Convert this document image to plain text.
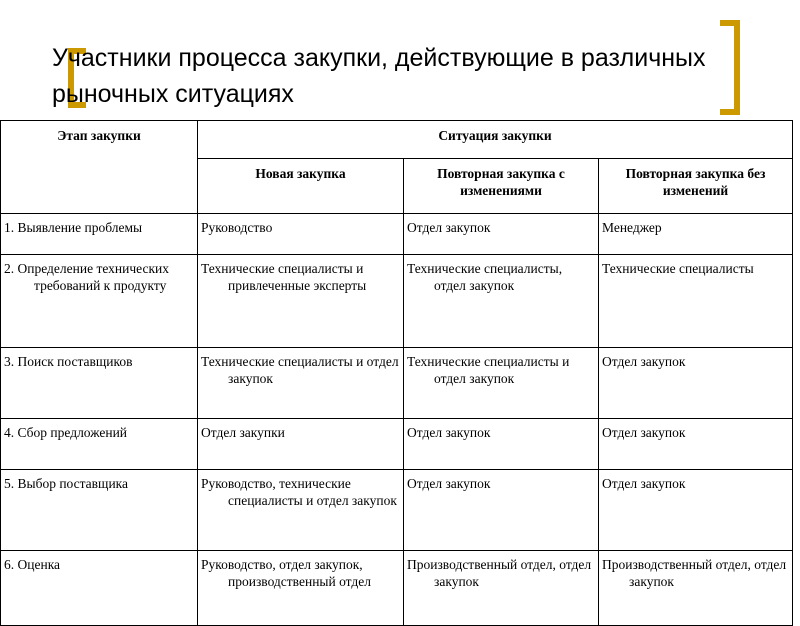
Участники процесса закупки, действующие в различных рыночных ситуациях
Этап закупки	Ситуация закупки		
	Новая закупка	Повторная закупка с изменениями	Повторная закупка без изменений

1. Выявление проблемы	Руководство	Отдел закупок	Менеджер

2. Определение технических требований к продукту	Технические специалисты и привлеченные эксперты	Технические специалисты, отдел закупок	Технические специалисты

3. Поиск поставщиков	Технические специалисты и отдел закупок	Технические специалисты и отдел закупок	Отдел закупок

4. Сбор предложений	Отдел закупки	Отдел закупок	Отдел закупок

5. Выбор поставщика	Руководство, технические специалисты и отдел закупок	Отдел закупок	Отдел закупок

6. Оценка	Руководство, отдел закупок, производственный отдел	Производственный отдел, отдел закупок	Производственный отдел, отдел закупок
